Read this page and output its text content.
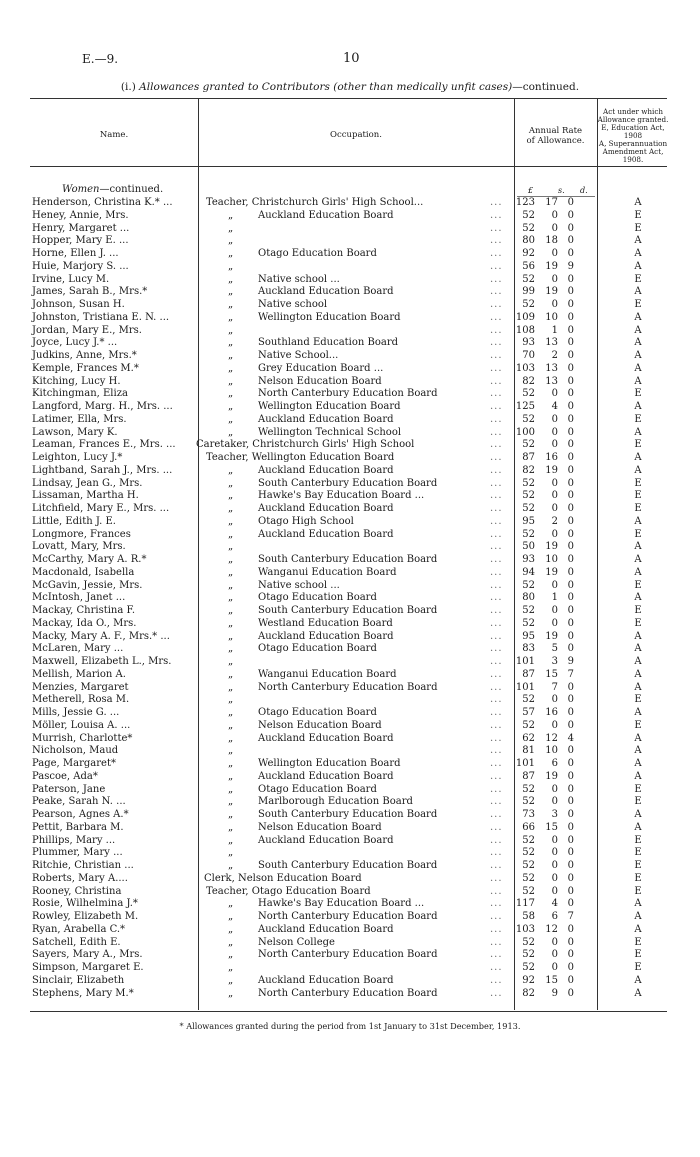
E.—9.	10
(i.) Allowances granted to Contributors (other than medically unfit cases)—continued.
Name.	Occupation.	Annual Rate
of Allowance.
Act under which
Allowance granted.
E, Education Act, 1908
A, Superannuation
Amendment Act,
1908.
£	s. d.
Women—continued.
Henderson, Christina K.* ...	Teacher, Christchurch Girls' High School...	... 123	17 0	A
Heney, Annie, Mrs.	„ Auckland Education Board	...	52	0 0	E
Henry, Margaret ...	„	...	52	0 0	E
Hopper, Mary E. ...	„	...	80	18 0	A
Horne, Ellen J. ...	„ Otago Education Board	...	92	0 0	A
Huie, Marjory S. ...	„	...	56	19 9	A
Irvine, Lucy M.	„ Native school ...	...	52	0 0	E
James, Sarah B., Mrs.*	„ Auckland Education Board	...	99	19 0	A
Johnson, Susan H.	„ Native school	...	52	0 0	E
Johnston, Tristiana E. N. ...	„ Wellington Education Board	... 109	10 0	A
Jordan, Mary E., Mrs.	„	... 108	1 0	A
Joyce, Lucy J.* ...	„ Southland Education Board	...	93	13 0	A
Judkins, Anne, Mrs.*	„ Native School...	...	70	2 0	A
Kemple, Frances M.*	„ Grey Education Board ...	... 103	13 0	A
Kitching, Lucy H.	„ Nelson Education Board	...	82	13 0	A
Kitchingman, Eliza	„ North Canterbury Education Board	...	52	0 0	E
Langford, Marg. H., Mrs. ...	„ Wellington Education Board	... 125	4 0	A
Latimer, Ella, Mrs.	„ Auckland Education Board	...	52	0 0	E
Lawson, Mary K.	„ Wellington Technical School	... 100	0 0	A
Leaman, Frances E., Mrs. ... Caretaker, Christchurch Girls' High School	...	52	0 0	E
Leighton, Lucy J.*	Teacher, Wellington Education Board	...	87	16 0	A
Lightband, Sarah J., Mrs. ...	„ Auckland Education Board	...	82	19 0	A
Lindsay, Jean G., Mrs.	„ South Canterbury Education Board	...	52	0 0	E
Lissaman, Martha H.	„ Hawke's Bay Education Board ...	...	52	0 0	E
Litchfield, Mary E., Mrs. ...	„ Auckland Education Board	...	52	0 0	E
Little, Edith J. E.	„ Otago High School	...	95	2 0	A
Longmore, Frances	„ Auckland Education Board	...	52	0 0	E
Lovatt, Mary, Mrs.	„	...	50	19 0	A
McCarthy, Mary A. R.*	„ South Canterbury Education Board	...	93	10 0	A
Macdonald, Isabella	„ Wanganui Education Board	...	94	19 0	A
McGavin, Jessie, Mrs.	„ Native school ...	...	52	0 0	E
McIntosh, Janet ...	„ Otago Education Board	...	80	1 0	A
Mackay, Christina F.	„ South Canterbury Education Board	...	52	0 0	E
Mackay, Ida O., Mrs.	„ Westland Education Board	...	52	0 0	E
Macky, Mary A. F., Mrs.* ...	„ Auckland Education Board	...	95	19 0	A
McLaren, Mary ...	„ Otago Education Board	...	83	5 0	A
Maxwell, Elizabeth L., Mrs.	„	... 101	3 9	A
Mellish, Marion A.	„ Wanganui Education Board	...	87	15 7	A
Menzies, Margaret	„ North Canterbury Education Board	... 101	7 0	A
Metherell, Rosa M.	„	...	52	0 0	E
Mills, Jessie G. ...	„ Otago Education Board	...	57	16 0	A
Möller, Louisa A. ...	„ Nelson Education Board	...	52	0 0	E
Murrish, Charlotte*	„ Auckland Education Board	...	62	12 4	A
Nicholson, Maud	„	...	81	10 0	A
Page, Margaret*	„ Wellington Education Board	... 101	6 0	A
Pascoe, Ada*	„ Auckland Education Board	...	87	19 0	A
Paterson, Jane	„ Otago Education Board	...	52	0 0	E
Peake, Sarah N. ...	„ Marlborough Education Board	...	52	0 0	E
Pearson, Agnes A.*	„ South Canterbury Education Board	...	73	3 0	A
Pettit, Barbara M.	„ Nelson Education Board	...	66	15 0	A
Phillips, Mary ...	„ Auckland Education Board	...	52	0 0	E
Plummer, Mary ...	„	...	52	0 0	E
Ritchie, Christian ...	„ South Canterbury Education Board	...	52	0 0	E
Roberts, Mary A....	Clerk, Nelson Education Board	...	52	0 0	E
Rooney, Christina	Teacher, Otago Education Board	...	52	0 0	E
Rosie, Wilhelmina J.*	„ Hawke's Bay Education Board ...	... 117	4 0	A
Rowley, Elizabeth M.	„ North Canterbury Education Board	...	58	6 7	A
Ryan, Arabella C.*	„ Auckland Education Board	... 103	12 0	A
Satchell, Edith E.	„ Nelson College	...	52	0 0	E
Sayers, Mary A., Mrs.	„ North Canterbury Education Board	...	52	0 0	E
Simpson, Margaret E.	„	...	52	0 0	E
Sinclair, Elizabeth	„ Auckland Education Board	...	92	15 0	A
Stephens, Mary M.*	„ North Canterbury Education Board	...	82	9 0	A
* Allowances granted during the period from 1st January to 31st December, 1913.
